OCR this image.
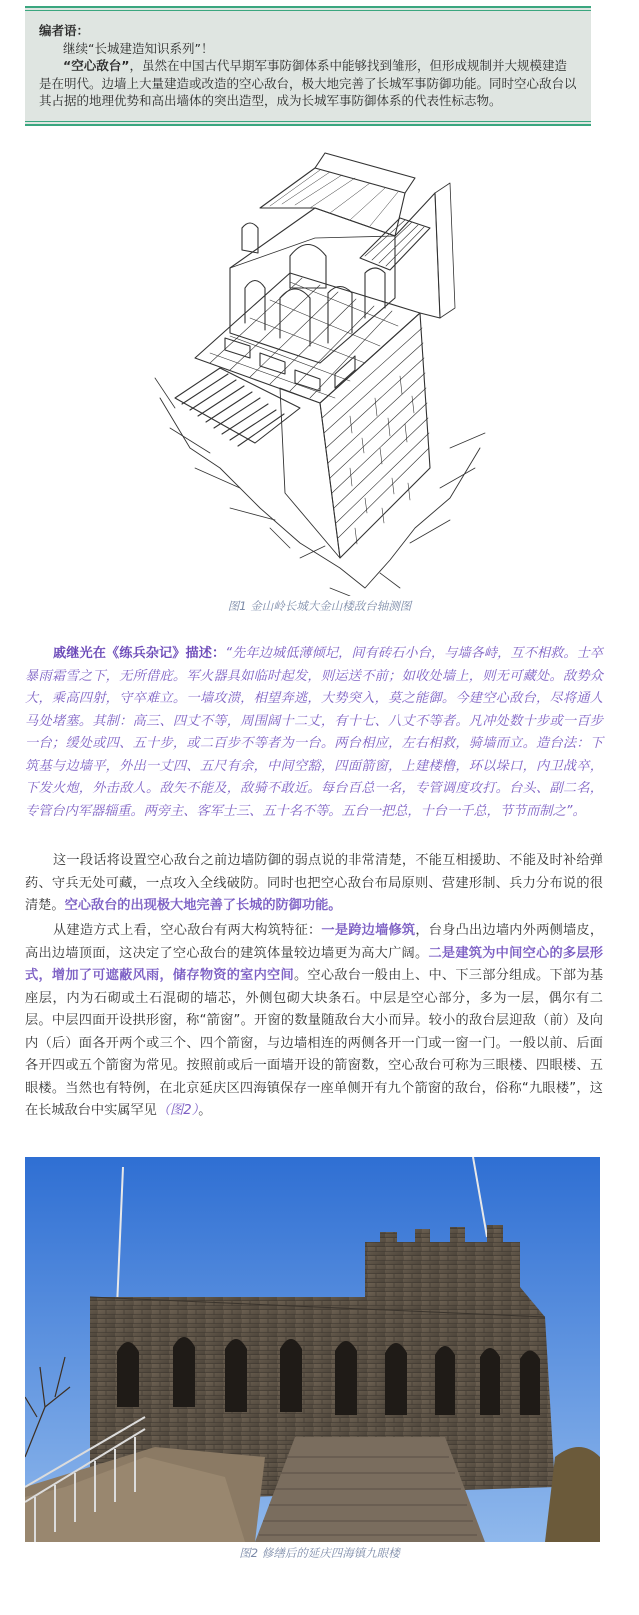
编者语：
继续“长城建造知识系列”！
“空心敌台”，虽然在中国古代早期军事防御体系中能够找到雏形，但形成规制并大规模建造是在明代。边墙上大量建造或改造的空心敌台，极大地完善了长城军事防御功能。同时空心敌台以其占据的地理优势和高出墙体的突出造型，成为长城军事防御体系的代表性标志物。
图1 金山岭长城大金山楼敌台轴测图
戚继光在《练兵杂记》描述：“先年边城低薄倾圮，间有砖石小台，与墙各峙，互不相救。士卒暴雨霜雪之下，无所借庇。军火器具如临时起发，则运送不前；如收处墙上，则无可藏处。敌势众大，乘高四射，守卒难立。一墙攻溃，相望奔逃，大势突入，莫之能御。今建空心敌台，尽将通人马处堵塞。其制：高三、四丈不等，周围阔十二丈，有十七、八丈不等者。凡冲处数十步或一百步一台；缓处或四、五十步，或二百步不等者为一台。两台相应，左右相救，骑墙而立。造台法：下筑基与边墙平，外出一丈四、五尺有余，中间空豁，四面箭窗，上建楼橹，环以垛口，内卫战卒，下发火炮，外击敌人。敌矢不能及，敌骑不敢近。每台百总一名，专管调度攻打。台头、副二名，专管台内军器辎重。两旁主、客军士三、五十名不等。五台一把总，十台一千总，节节而制之”。
这一段话将设置空心敌台之前边墙防御的弱点说的非常清楚，不能互相援助、不能及时补给弹药、守兵无处可藏，一点攻入全线破防。同时也把空心敌台布局原则、营建形制、兵力分布说的很清楚。空心敌台的出现极大地完善了长城的防御功能。
从建造方式上看，空心敌台有两大构筑特征：一是跨边墙修筑，台身凸出边墙内外两侧墙皮，高出边墙顶面，这决定了空心敌台的建筑体量较边墙更为高大广阔。二是建筑为中间空心的多层形式，增加了可遮蔽风雨，储存物资的室内空间。空心敌台一般由上、中、下三部分组成。下部为基座层，内为石砌或土石混砌的墙芯，外侧包砌大块条石。中层是空心部分，多为一层，偶尔有二层。中层四面开设拱形窗，称“箭窗”。开窗的数量随敌台大小而异。较小的敌台层迎敌（前）及向内（后）面各开两个或三个、四个箭窗，与边墙相连的两侧各开一门或一窗一门。一般以前、后面各开四或五个箭窗为常见。按照前或后一面墙开设的箭窗数，空心敌台可称为三眼楼、四眼楼、五眼楼。当然也有特例，在北京延庆区四海镇保存一座单侧开有九个箭窗的敌台，俗称“九眼楼”，这在长城敌台中实属罕见（图2）。
图2 修缮后的延庆四海镇九眼楼
